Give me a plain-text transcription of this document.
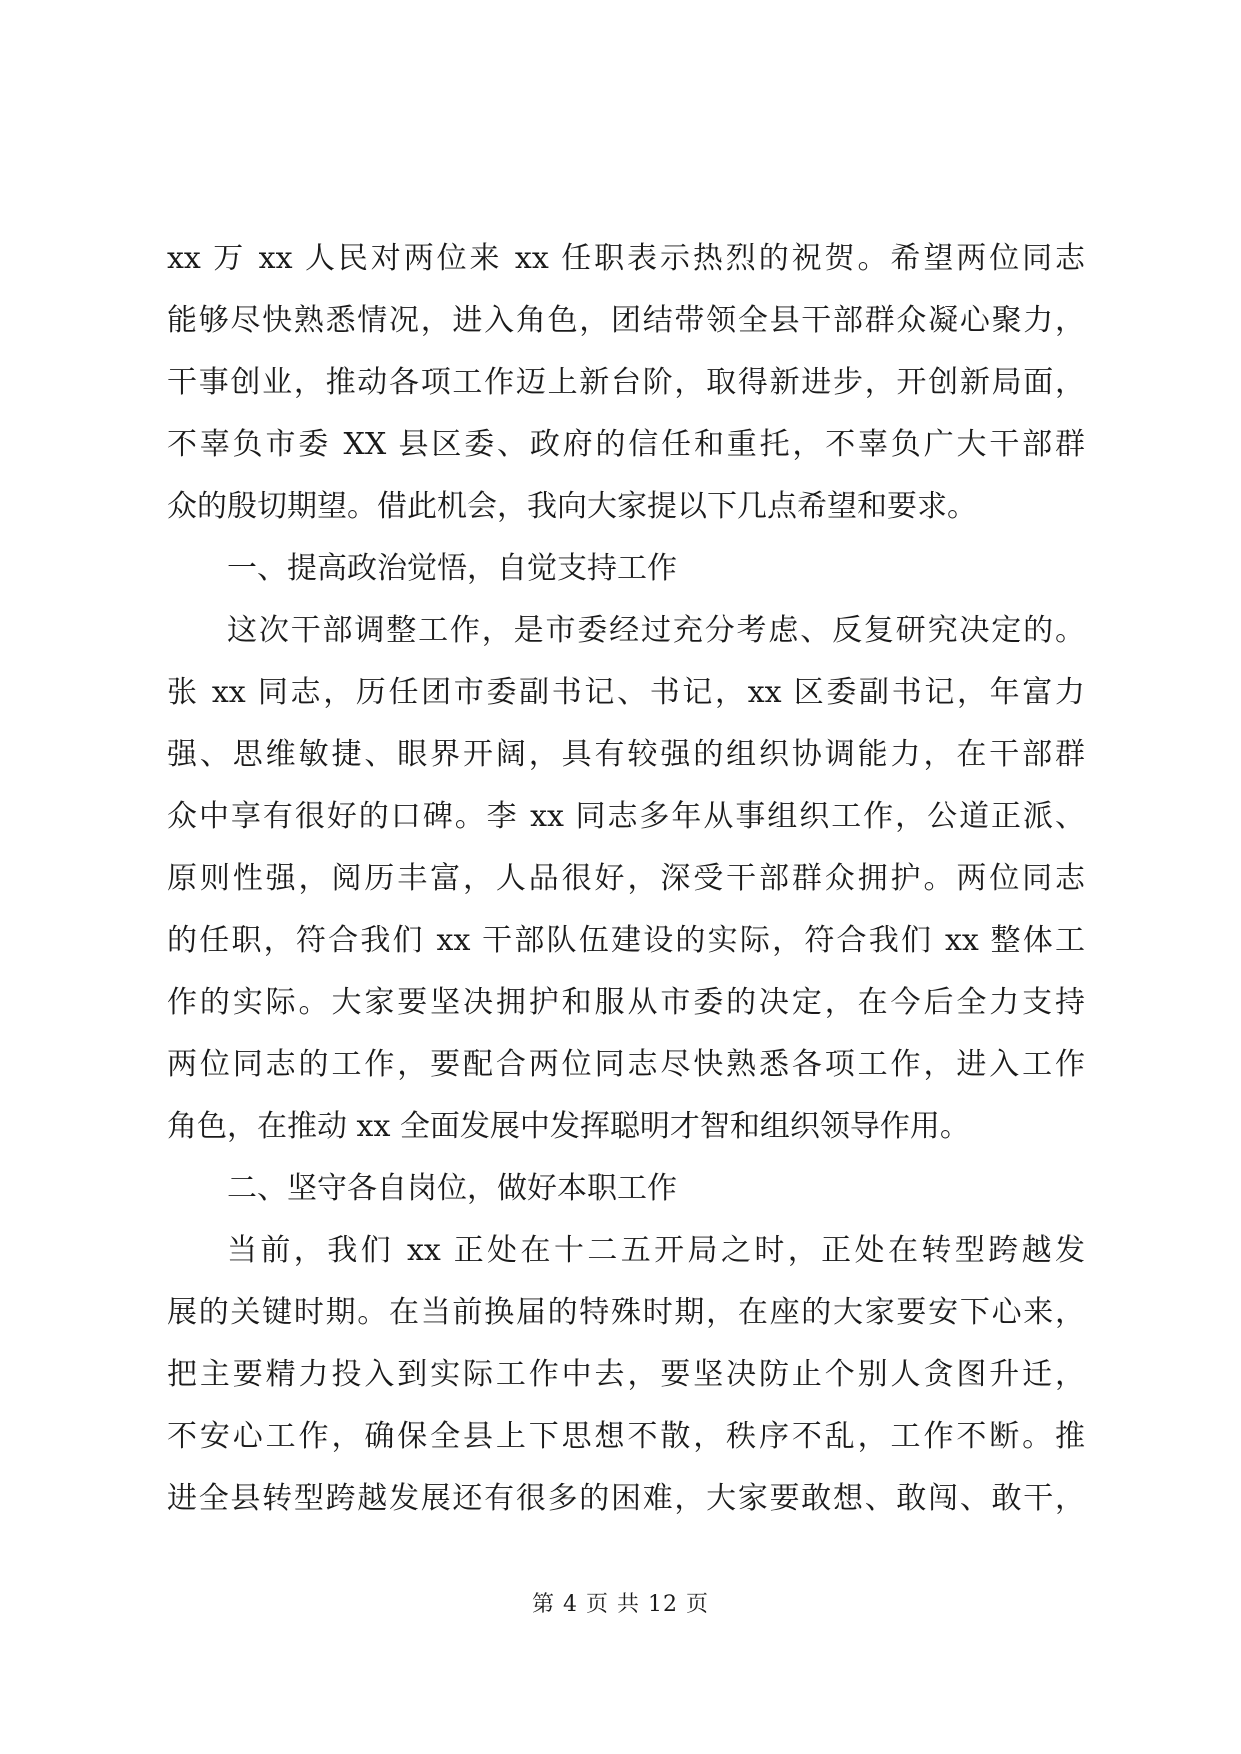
xx 万 xx 人民对两位来 xx 任职表示热烈的祝贺。希望两位同志
能够尽快熟悉情况，进入角色，团结带领全县干部群众凝心聚力，
干事创业，推动各项工作迈上新台阶，取得新进步，开创新局面，
不辜负市委 XX 县区委、政府的信任和重托，不辜负广大干部群
众的殷切期望。借此机会，我向大家提以下几点希望和要求。
一、提高政治觉悟，自觉支持工作
这次干部调整工作，是市委经过充分考虑、反复研究决定的。
张 xx 同志，历任团市委副书记、书记，xx 区委副书记，年富力
强、思维敏捷、眼界开阔，具有较强的组织协调能力，在干部群
众中享有很好的口碑。李 xx 同志多年从事组织工作，公道正派、
原则性强，阅历丰富，人品很好，深受干部群众拥护。两位同志
的任职，符合我们 xx 干部队伍建设的实际，符合我们 xx 整体工
作的实际。大家要坚决拥护和服从市委的决定，在今后全力支持
两位同志的工作，要配合两位同志尽快熟悉各项工作，进入工作
角色，在推动 xx 全面发展中发挥聪明才智和组织领导作用。
二、坚守各自岗位，做好本职工作
当前，我们 xx 正处在十二五开局之时，正处在转型跨越发
展的关键时期。在当前换届的特殊时期，在座的大家要安下心来，
把主要精力投入到实际工作中去，要坚决防止个别人贪图升迁，
不安心工作，确保全县上下思想不散，秩序不乱，工作不断。推
进全县转型跨越发展还有很多的困难，大家要敢想、敢闯、敢干，
第 4 页 共 12 页
